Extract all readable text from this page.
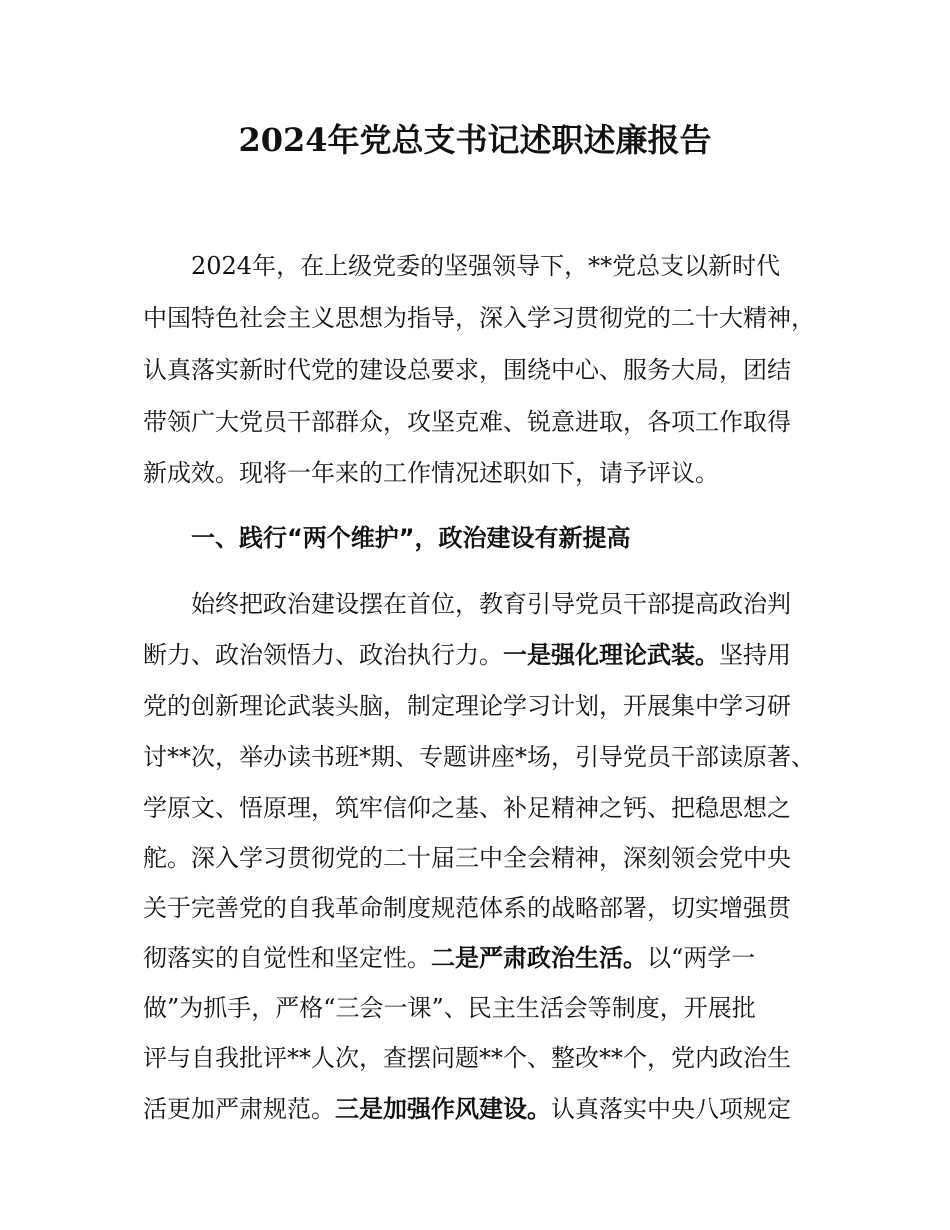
2024年党总支书记述职述廉报告
2024年，在上级党委的坚强领导下，**党总支以新时代
中国特色社会主义思想为指导，深入学习贯彻党的二十大精神，
认真落实新时代党的建设总要求，围绕中心、服务大局，团结
带领广大党员干部群众，攻坚克难、锐意进取，各项工作取得
新成效。现将一年来的工作情况述职如下，请予评议。
一、践行“两个维护”，政治建设有新提高
始终把政治建设摆在首位，教育引导党员干部提高政治判
断力、政治领悟力、政治执行力。一是强化理论武装。坚持用
党的创新理论武装头脑，制定理论学习计划，开展集中学习研
讨**次，举办读书班*期、专题讲座*场，引导党员干部读原著、
学原文、悟原理，筑牢信仰之基、补足精神之钙、把稳思想之
舵。深入学习贯彻党的二十届三中全会精神，深刻领会党中央
关于完善党的自我革命制度规范体系的战略部署，切实增强贯
彻落实的自觉性和坚定性。二是严肃政治生活。以“两学一
做”为抓手，严格“三会一课”、民主生活会等制度，开展批
评与自我批评**人次，查摆问题**个、整改**个，党内政治生
活更加严肃规范。三是加强作风建设。认真落实中央八项规定
